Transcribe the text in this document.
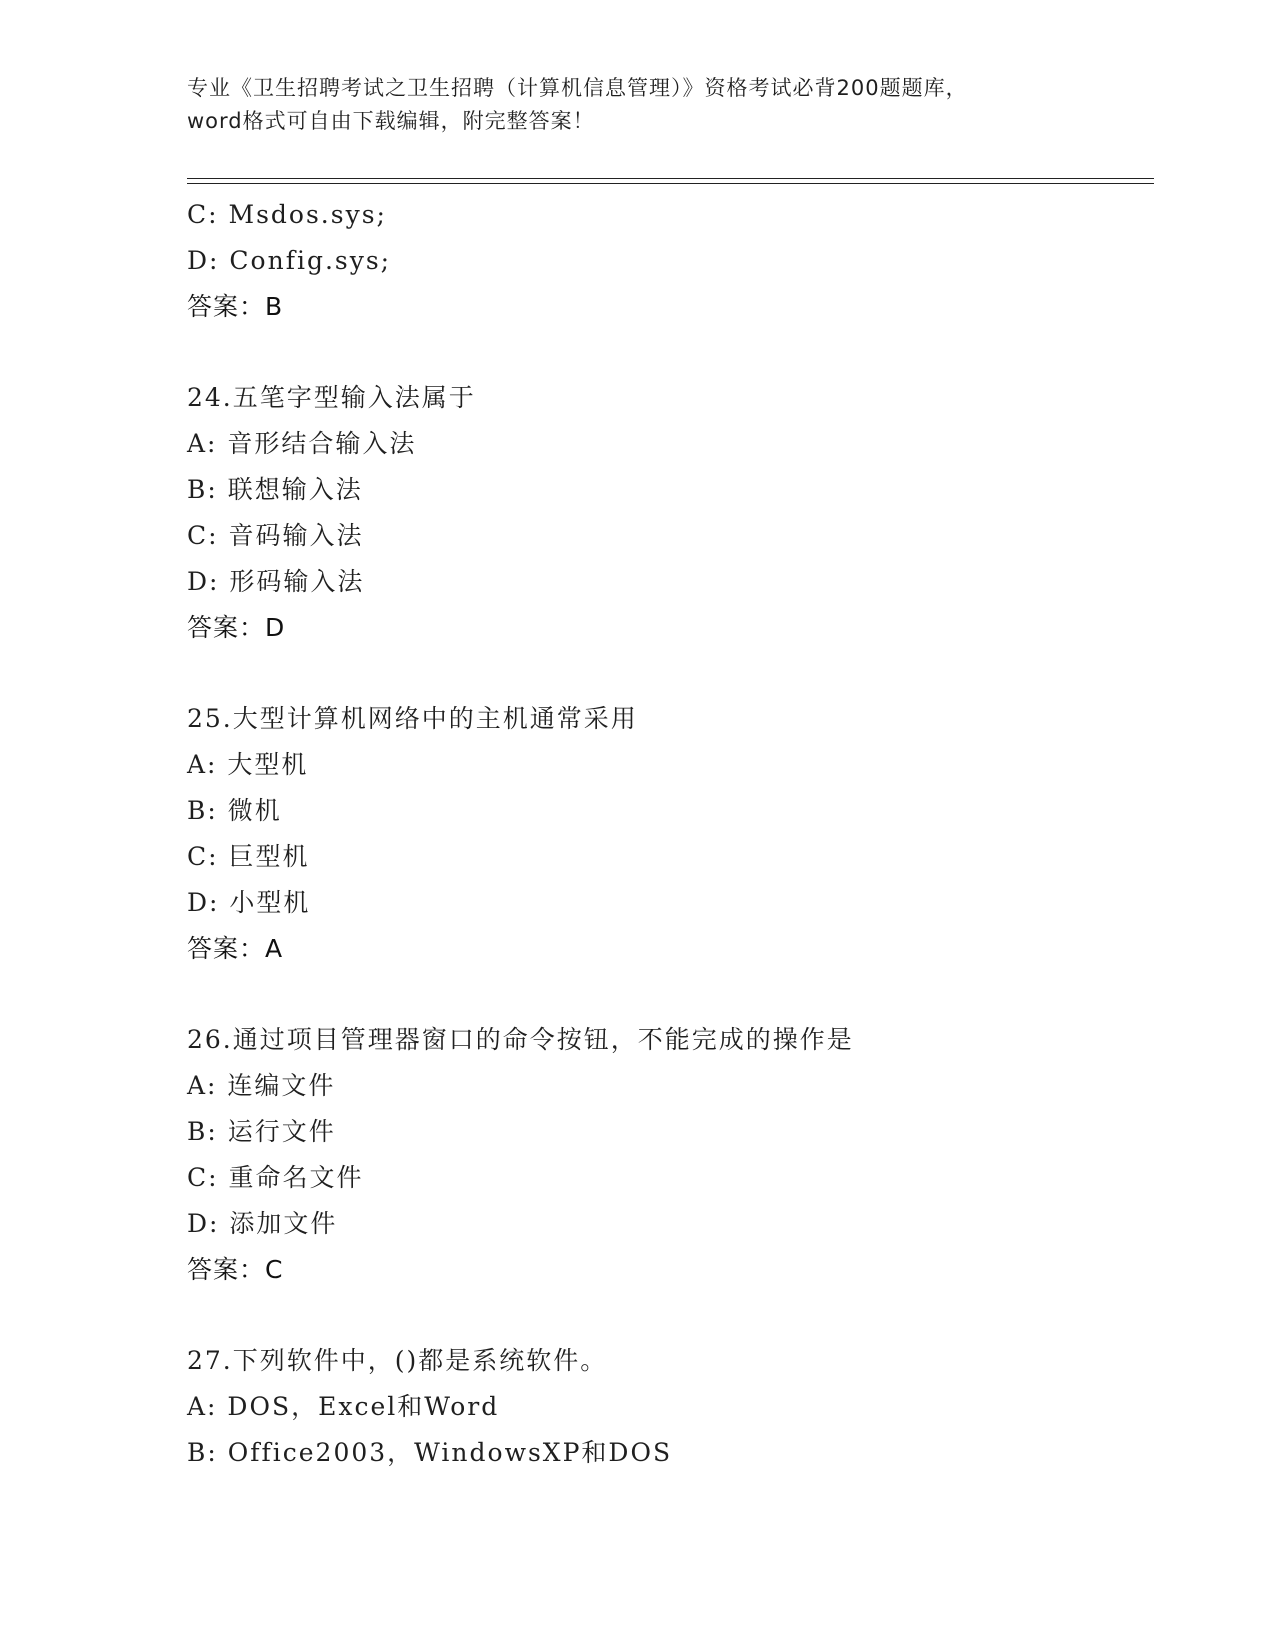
专业《卫生招聘考试之卫生招聘（计算机信息管理）》资格考试必背200题题库，
word格式可自由下载编辑，附完整答案！
C: Msdos.sys;
D: Config.sys;
答案：B
24.五笔字型输入法属于
A: 音形结合输入法
B: 联想输入法
C: 音码输入法
D: 形码输入法
答案：D
25.大型计算机网络中的主机通常采用
A: 大型机
B: 微机
C: 巨型机
D: 小型机
答案：A
26.通过项目管理器窗口的命令按钮，不能完成的操作是
A: 连编文件
B: 运行文件
C: 重命名文件
D: 添加文件
答案：C
27.下列软件中，()都是系统软件。
A: DOS，Excel和Word
B: Office2003，WindowsXP和DOS
